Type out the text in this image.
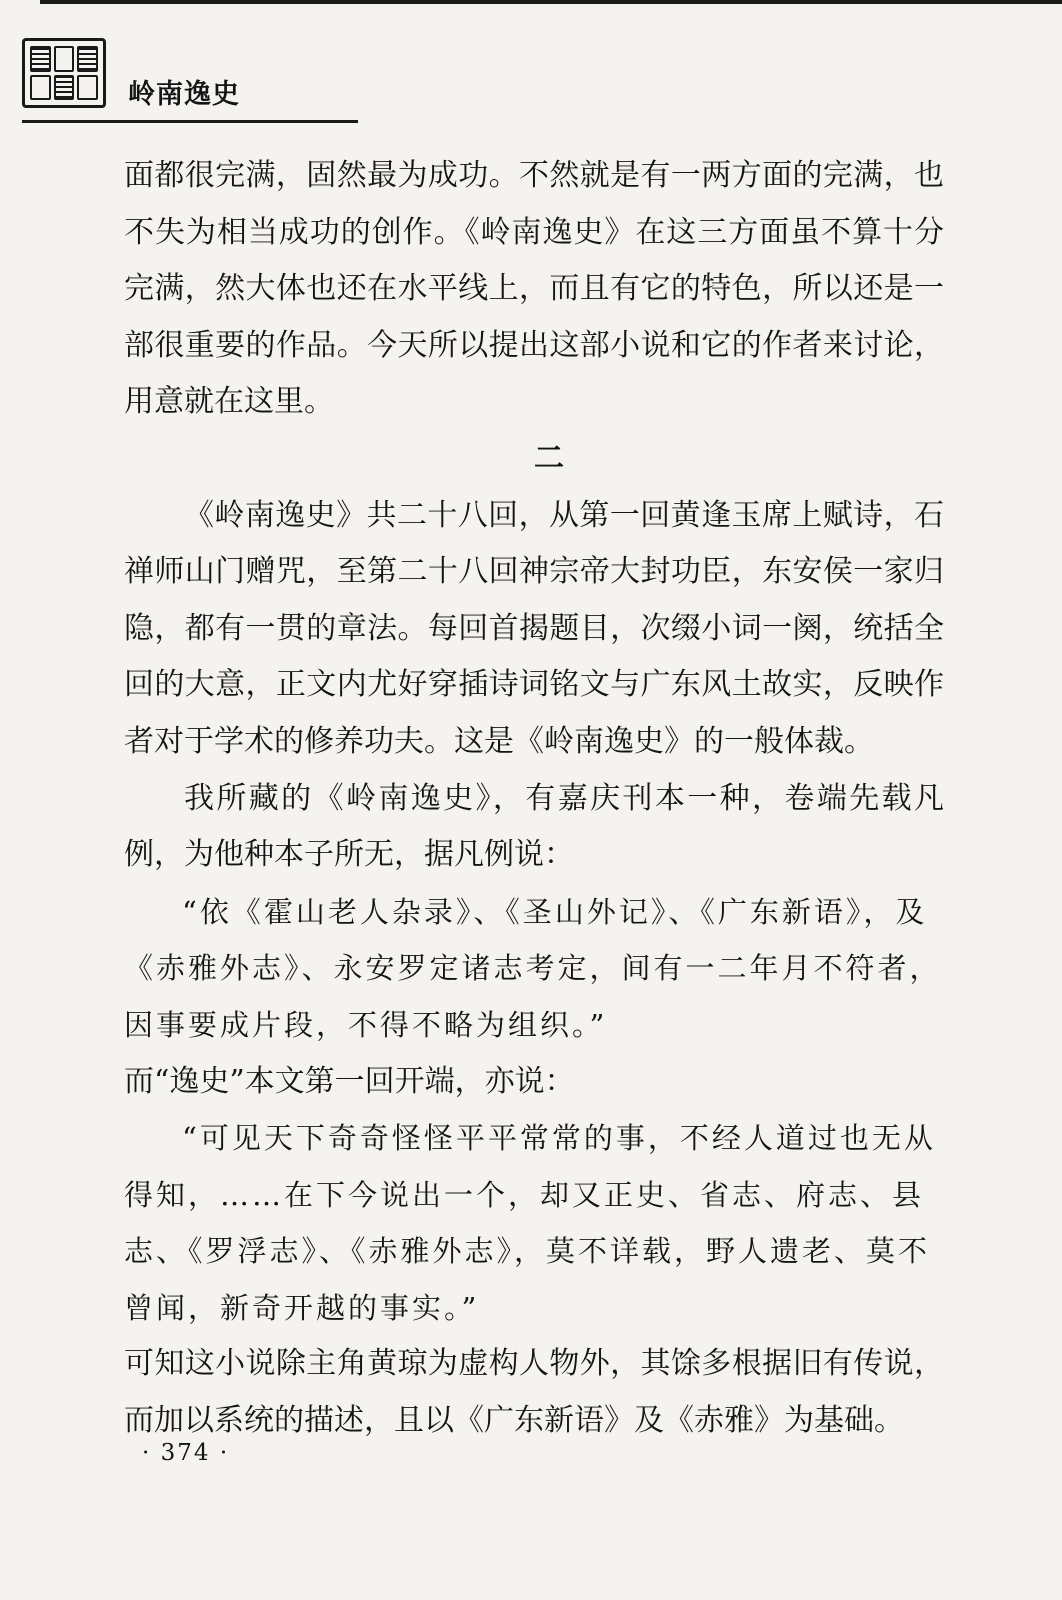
岭南逸史

面都很完满，固然最为成功。不然就是有一两方面的完满，也不失为相当成功的创作。《岭南逸史》在这三方面虽不算十分完满，然大体也还在水平线上，而且有它的特色，所以还是一部很重要的作品。今天所以提出这部小说和它的作者来讨论，用意就在这里。

二

《岭南逸史》共二十八回，从第一回黄逢玉席上赋诗，石禅师山门赠咒，至第二十八回神宗帝大封功臣，东安侯一家归隐，都有一贯的章法。每回首揭题目，次缀小词一阕，统括全回的大意，正文内尤好穿插诗词铭文与广东风土故实，反映作者对于学术的修养功夫。这是《岭南逸史》的一般体裁。

我所藏的《岭南逸史》，有嘉庆刊本一种，卷端先载凡例，为他种本子所无，据凡例说：

“依《霍山老人杂录》、《圣山外记》、《广东新语》，及《赤雅外志》、永安罗定诸志考定，间有一二年月不符者，因事要成片段，不得不略为组织。”

而“逸史”本文第一回开端，亦说：

“可见天下奇奇怪怪平平常常的事，不经人道过也无从得知，……在下今说出一个，却又正史、省志、府志、县志、《罗浮志》、《赤雅外志》，莫不详载，野人遗老、莫不曾闻，新奇开越的事实。”

可知这小说除主角黄琼为虚构人物外，其馀多根据旧有传说，而加以系统的描述，且以《广东新语》及《赤雅》为基础。

· 374 ·
